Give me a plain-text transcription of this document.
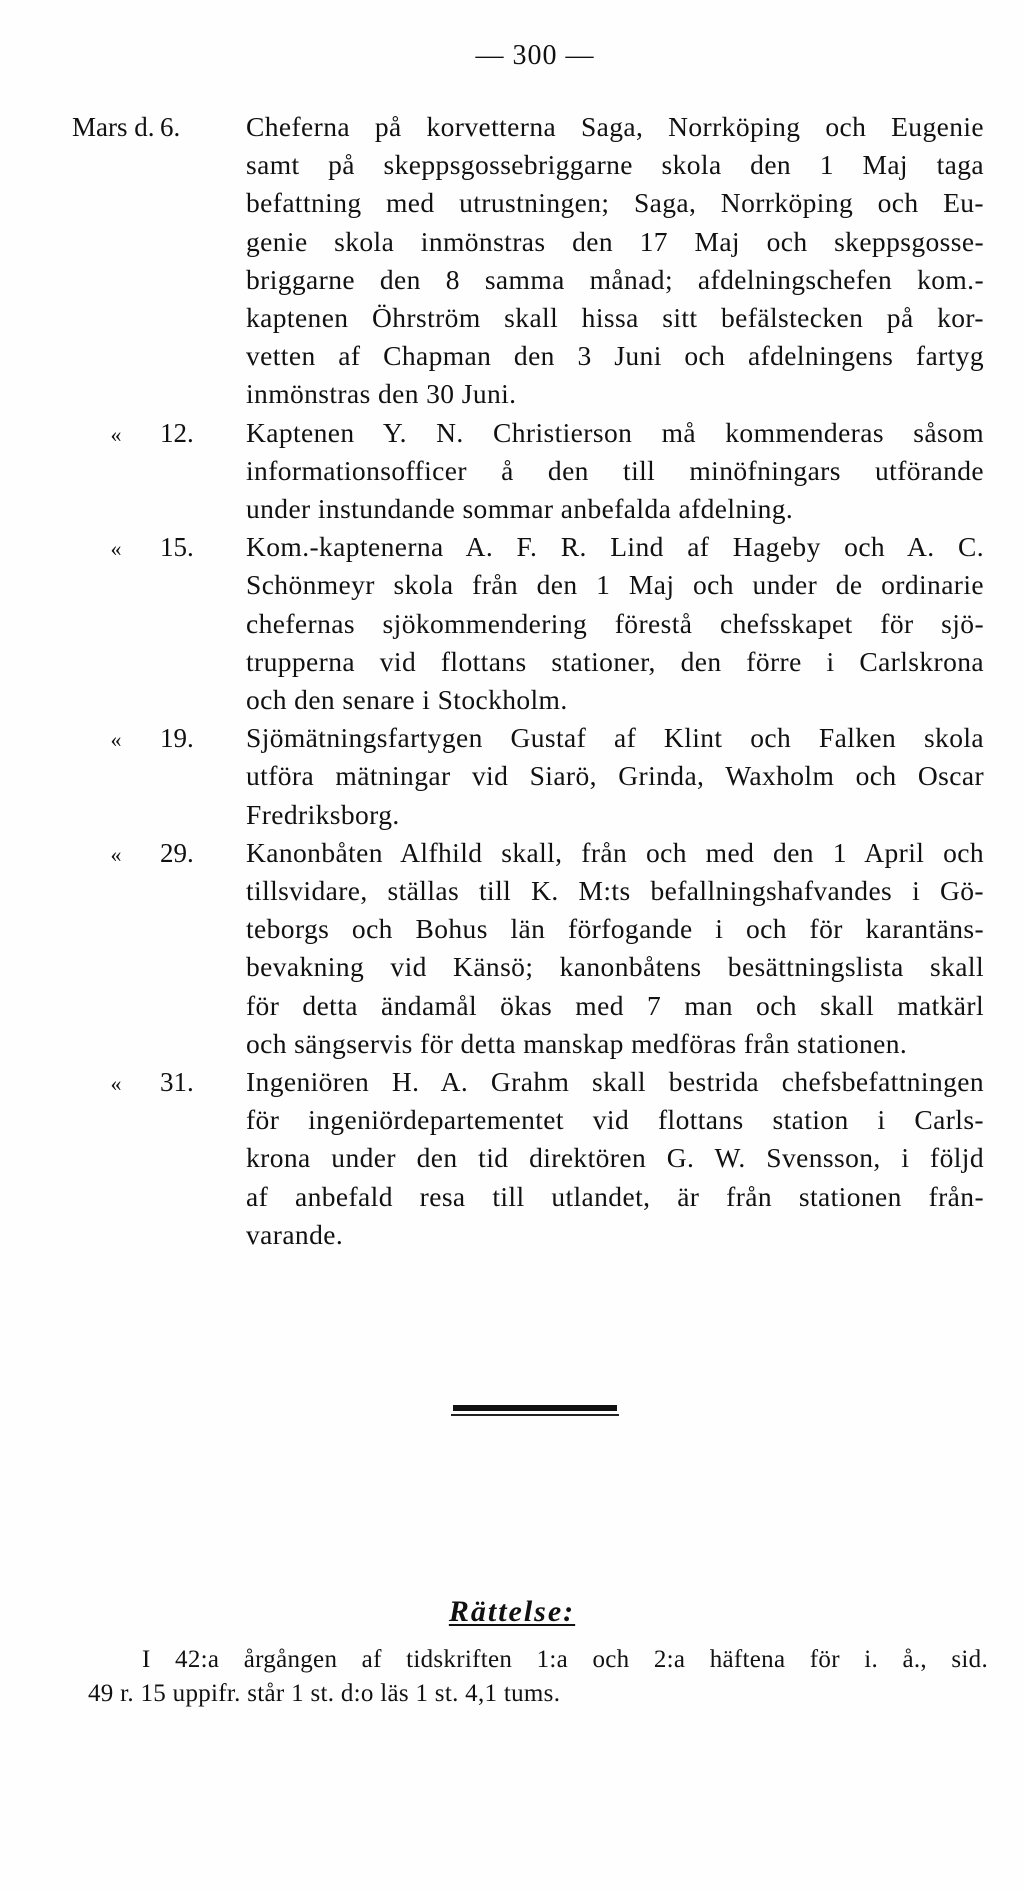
— 300 —
Mars d. 6.	Cheferna på korvetterna Saga, Norrköping och Eugenie
samt på skeppsgossebriggarne skola den 1 Maj taga
befattning med utrustningen; Saga, Norrköping och Eu-
genie skola inmönstras den 17 Maj och skeppsgosse-
briggarne den 8 samma månad; afdelningschefen kom.-
kaptenen Öhrström skall hissa sitt befälstecken på kor-
vetten af Chapman den 3 Juni och afdelningens fartyg
inmönstras den 30 Juni.
« 12.	Kaptenen Y. N. Christierson må kommenderas såsom
informationsofficer å den till minöfningars utförande
under instundande sommar anbefalda afdelning.
« 15.	Kom.-kaptenerna A. F. R. Lind af Hageby och A. C.
Schönmeyr skola från den 1 Maj och under de ordinarie
chefernas sjökommendering förestå chefsskapet för sjö-
trupperna vid flottans stationer, den förre i Carlskrona
och den senare i Stockholm.
« 19.	Sjömätningsfartygen Gustaf af Klint och Falken skola
utföra mätningar vid Siarö, Grinda, Waxholm och Oscar
Fredriksborg.
« 29.	Kanonbåten Alfhild skall, från och med den 1 April och
tillsvidare, ställas till K. M:ts befallningshafvandes i Gö-
teborgs och Bohus län förfogande i och för karantäns-
bevakning vid Känsö; kanonbåtens besättningslista skall
för detta ändamål ökas med 7 man och skall matkärl
och sängservis för detta manskap medföras från stationen.
« 31.	Ingeniören H. A. Grahm skall bestrida chefsbefattningen
för ingeniördepartementet vid flottans station i Carls-
krona under den tid direktören G. W. Svensson, i följd
af anbefald resa till utlandet, är från stationen från-
varande.
Rättelse:
I 42:a årgången af tidskriften 1:a och 2:a häftena för i. å., sid.
49 r. 15 uppifr. står 1 st. d:o läs 1 st. 4,1 tums.
